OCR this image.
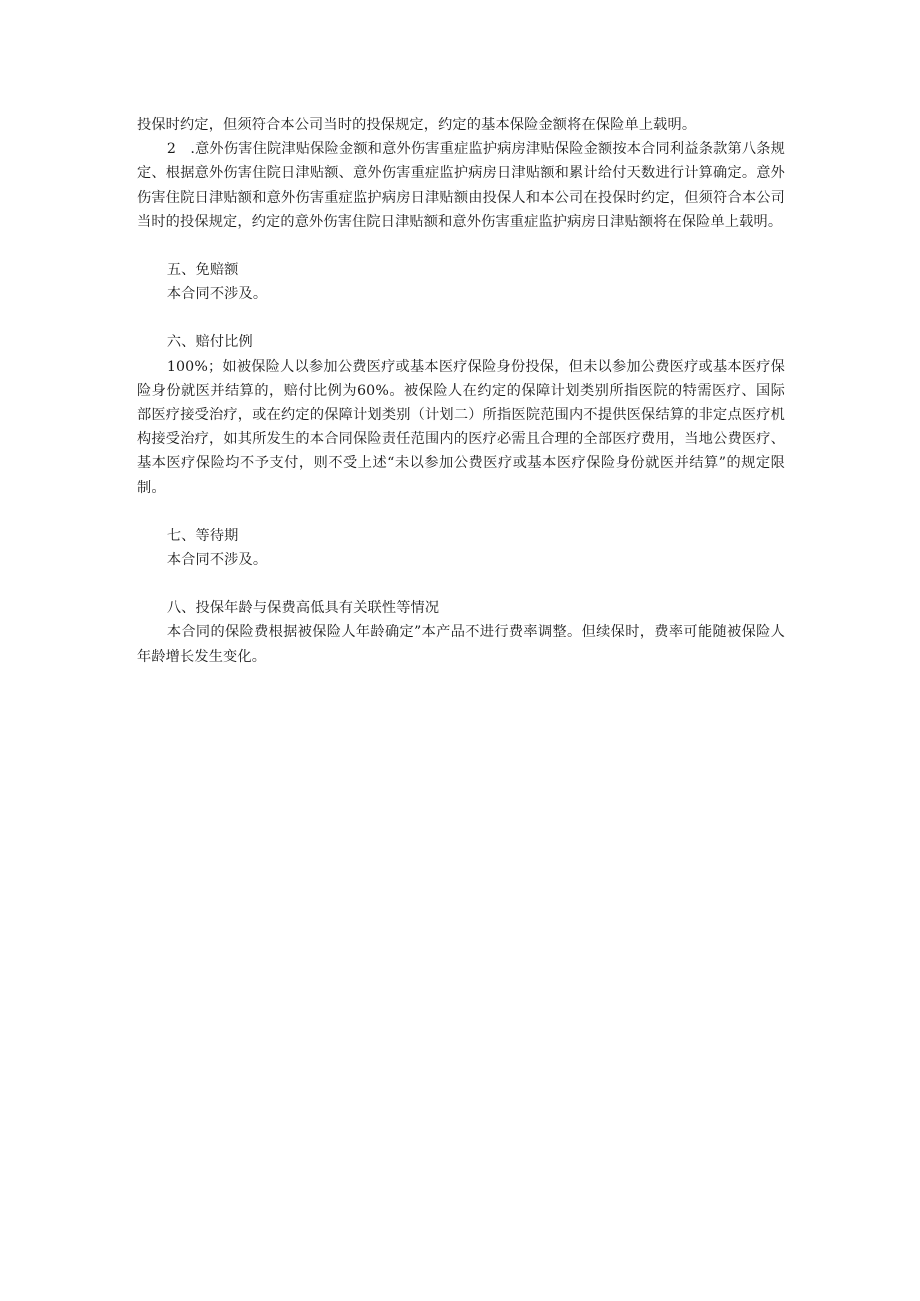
投保时约定，但须符合本公司当时的投保规定，约定的基本保险金额将在保险单上载明。

2 .意外伤害住院津贴保险金额和意外伤害重症监护病房津贴保险金额按本合同利益条款第八条规定、根据意外伤害住院日津贴额、意外伤害重症监护病房日津贴额和累计给付天数进行计算确定。意外伤害住院日津贴额和意外伤害重症监护病房日津贴额由投保人和本公司在投保时约定，但须符合本公司当时的投保规定，约定的意外伤害住院日津贴额和意外伤害重症监护病房日津贴额将在保险单上载明。

五、免赔额

本合同不涉及。

六、赔付比例

100%；如被保险人以参加公费医疗或基本医疗保险身份投保，但未以参加公费医疗或基本医疗保险身份就医并结算的，赔付比例为60%。被保险人在约定的保障计划类别所指医院的特需医疗、国际部医疗接受治疗，或在约定的保障计划类别（计划二）所指医院范围内不提供医保结算的非定点医疗机构接受治疗，如其所发生的本合同保险责任范围内的医疗必需且合理的全部医疗费用，当地公费医疗、基本医疗保险均不予支付，则不受上述“未以参加公费医疗或基本医疗保险身份就医并结算”的规定限制。

七、等待期

本合同不涉及。

八、投保年龄与保费高低具有关联性等情况

本合同的保险费根据被保险人年龄确定”本产品不进行费率调整。但续保时，费率可能随被保险人年龄增长发生变化。
